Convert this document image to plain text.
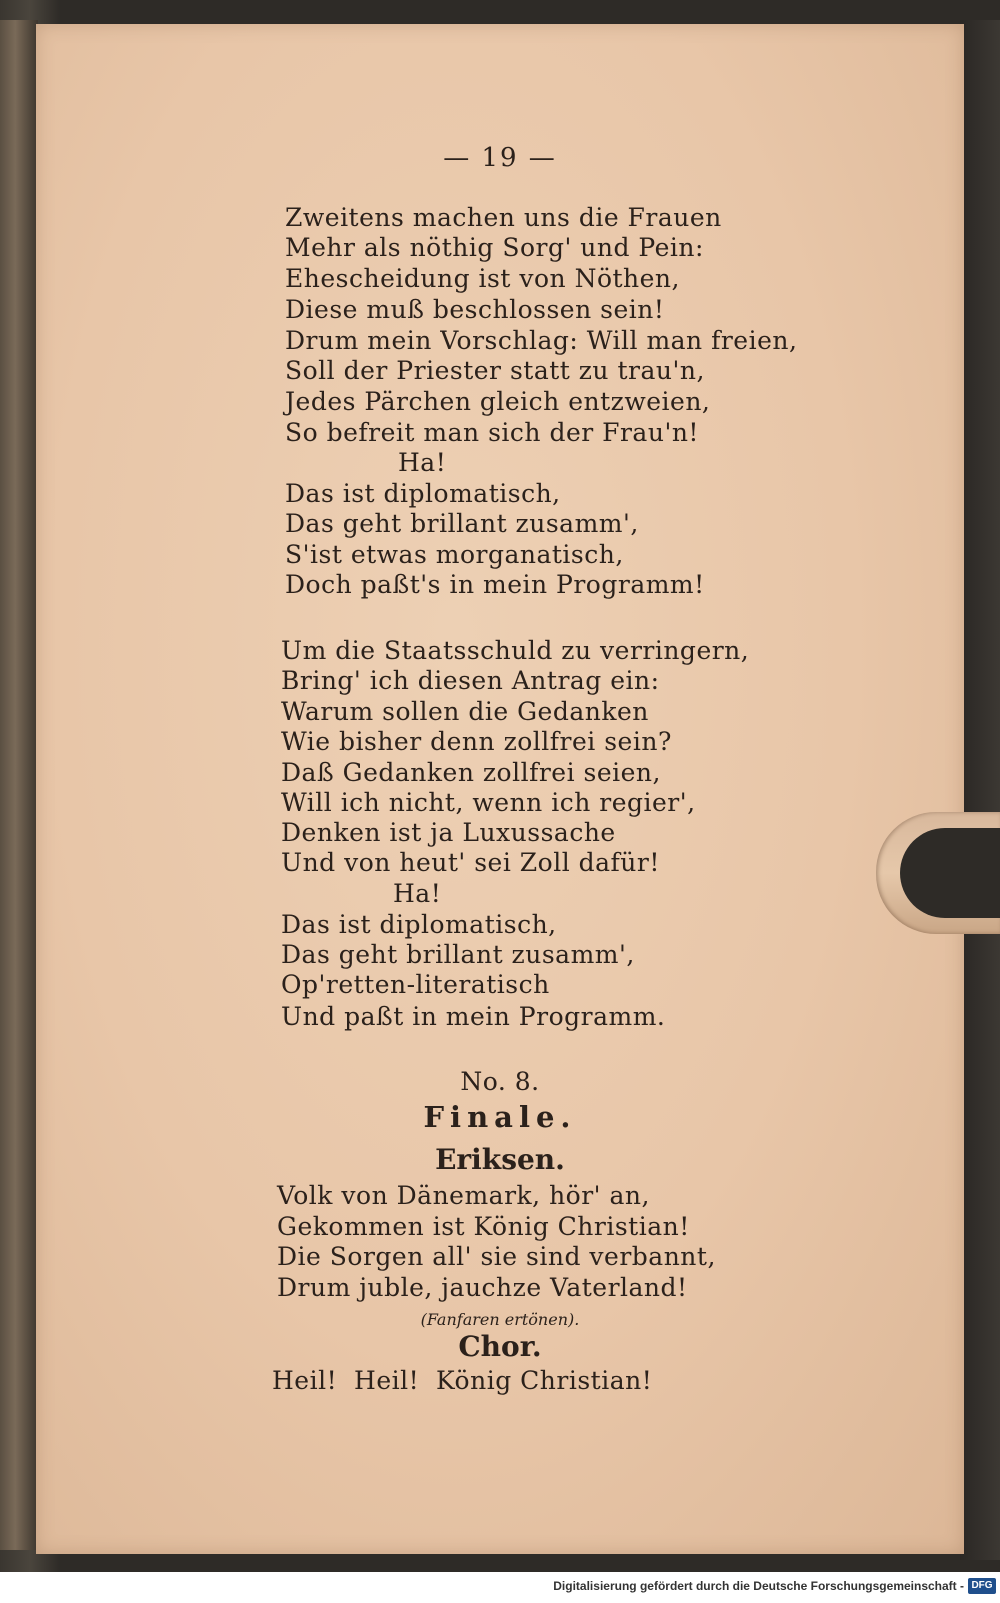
— 19 —
Zweitens machen uns die Frauen
Mehr als nöthig Sorg' und Pein:
Ehescheidung ist von Nöthen,
Diese muß beschlossen sein!
Drum mein Vorschlag: Will man freien,
Soll der Priester statt zu trau'n,
Jedes Pärchen gleich entzweien,
So befreit man sich der Frau'n!
Ha!
Das ist diplomatisch,
Das geht brillant zusamm',
S'ist etwas morganatisch,
Doch paßt's in mein Programm!
Um die Staatsschuld zu verringern,
Bring' ich diesen Antrag ein:
Warum sollen die Gedanken
Wie bisher denn zollfrei sein?
Daß Gedanken zollfrei seien,
Will ich nicht, wenn ich regier',
Denken ist ja Luxussache
Und von heut' sei Zoll dafür!
Ha!
Das ist diplomatisch,
Das geht brillant zusamm',
Op'retten-literatisch
Und paßt in mein Programm.
No. 8.
Finale.
Eriksen.
Volk von Dänemark, hör' an,
Gekommen ist König Christian!
Die Sorgen all' sie sind verbannt,
Drum juble, jauchze Vaterland!
(Fanfaren ertönen).
Chor.
Heil!  Heil!  König Christian!
Digitalisierung gefördert durch die Deutsche Forschungsgemeinschaft - DFG
